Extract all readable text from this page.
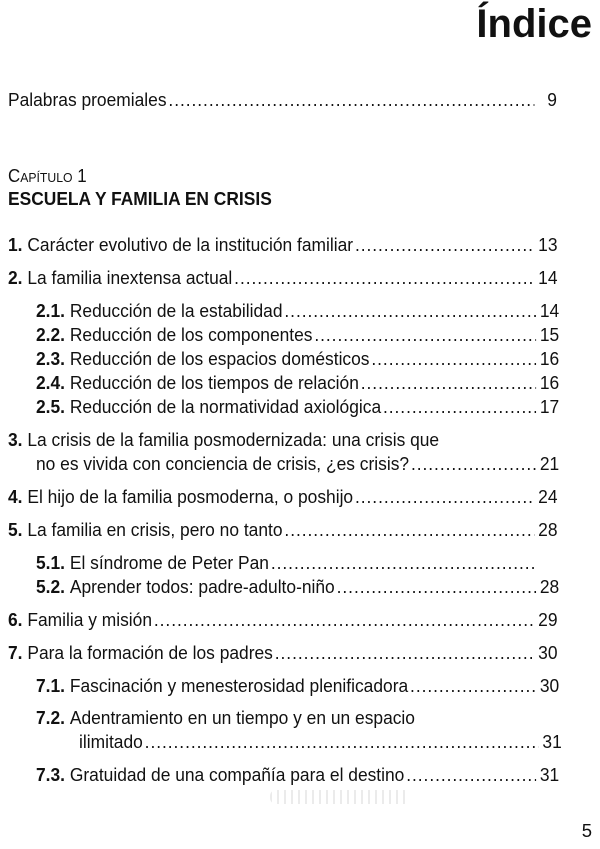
Índice
Palabras proemiales .....	9
CAPÍTULO 1
ESCUELA Y FAMILIA EN CRISIS
1.
Carácter evolutivo de la institución familiar .....	13
2.
La familia inextensa actual .....	14
2.1.
Reducción de la estabilidad .....	14
2.2.
Reducción de los componentes .....	15
2.3.
Reducción de los espacios domésticos .....	16
2.4.
Reducción de los tiempos de relación .....	16
2.5.
Reducción de la normatividad axiológica .....	17
3.
La crisis de la familia posmodernizada: una crisis que
no es vivida con conciencia de crisis, ¿es crisis? .....	21
4.
El hijo de la familia posmoderna, o poshijo .....	24
5.
La familia en crisis, pero no tanto .....	28
5.1.
El síndrome de Peter Pan
.....
5.2.
Aprender todos: padre-adulto-niño .....	28
6.
Familia y misión .....	29
7.
Para la formación de los padres .....	30
7.1.
Fascinación y menesterosidad plenificadora .....	30
7.2.
Adentramiento en un tiempo y en un espacio
ilimitado .....	31
7.3.
Gratuidad de una compañía para el destino .....	31
5
